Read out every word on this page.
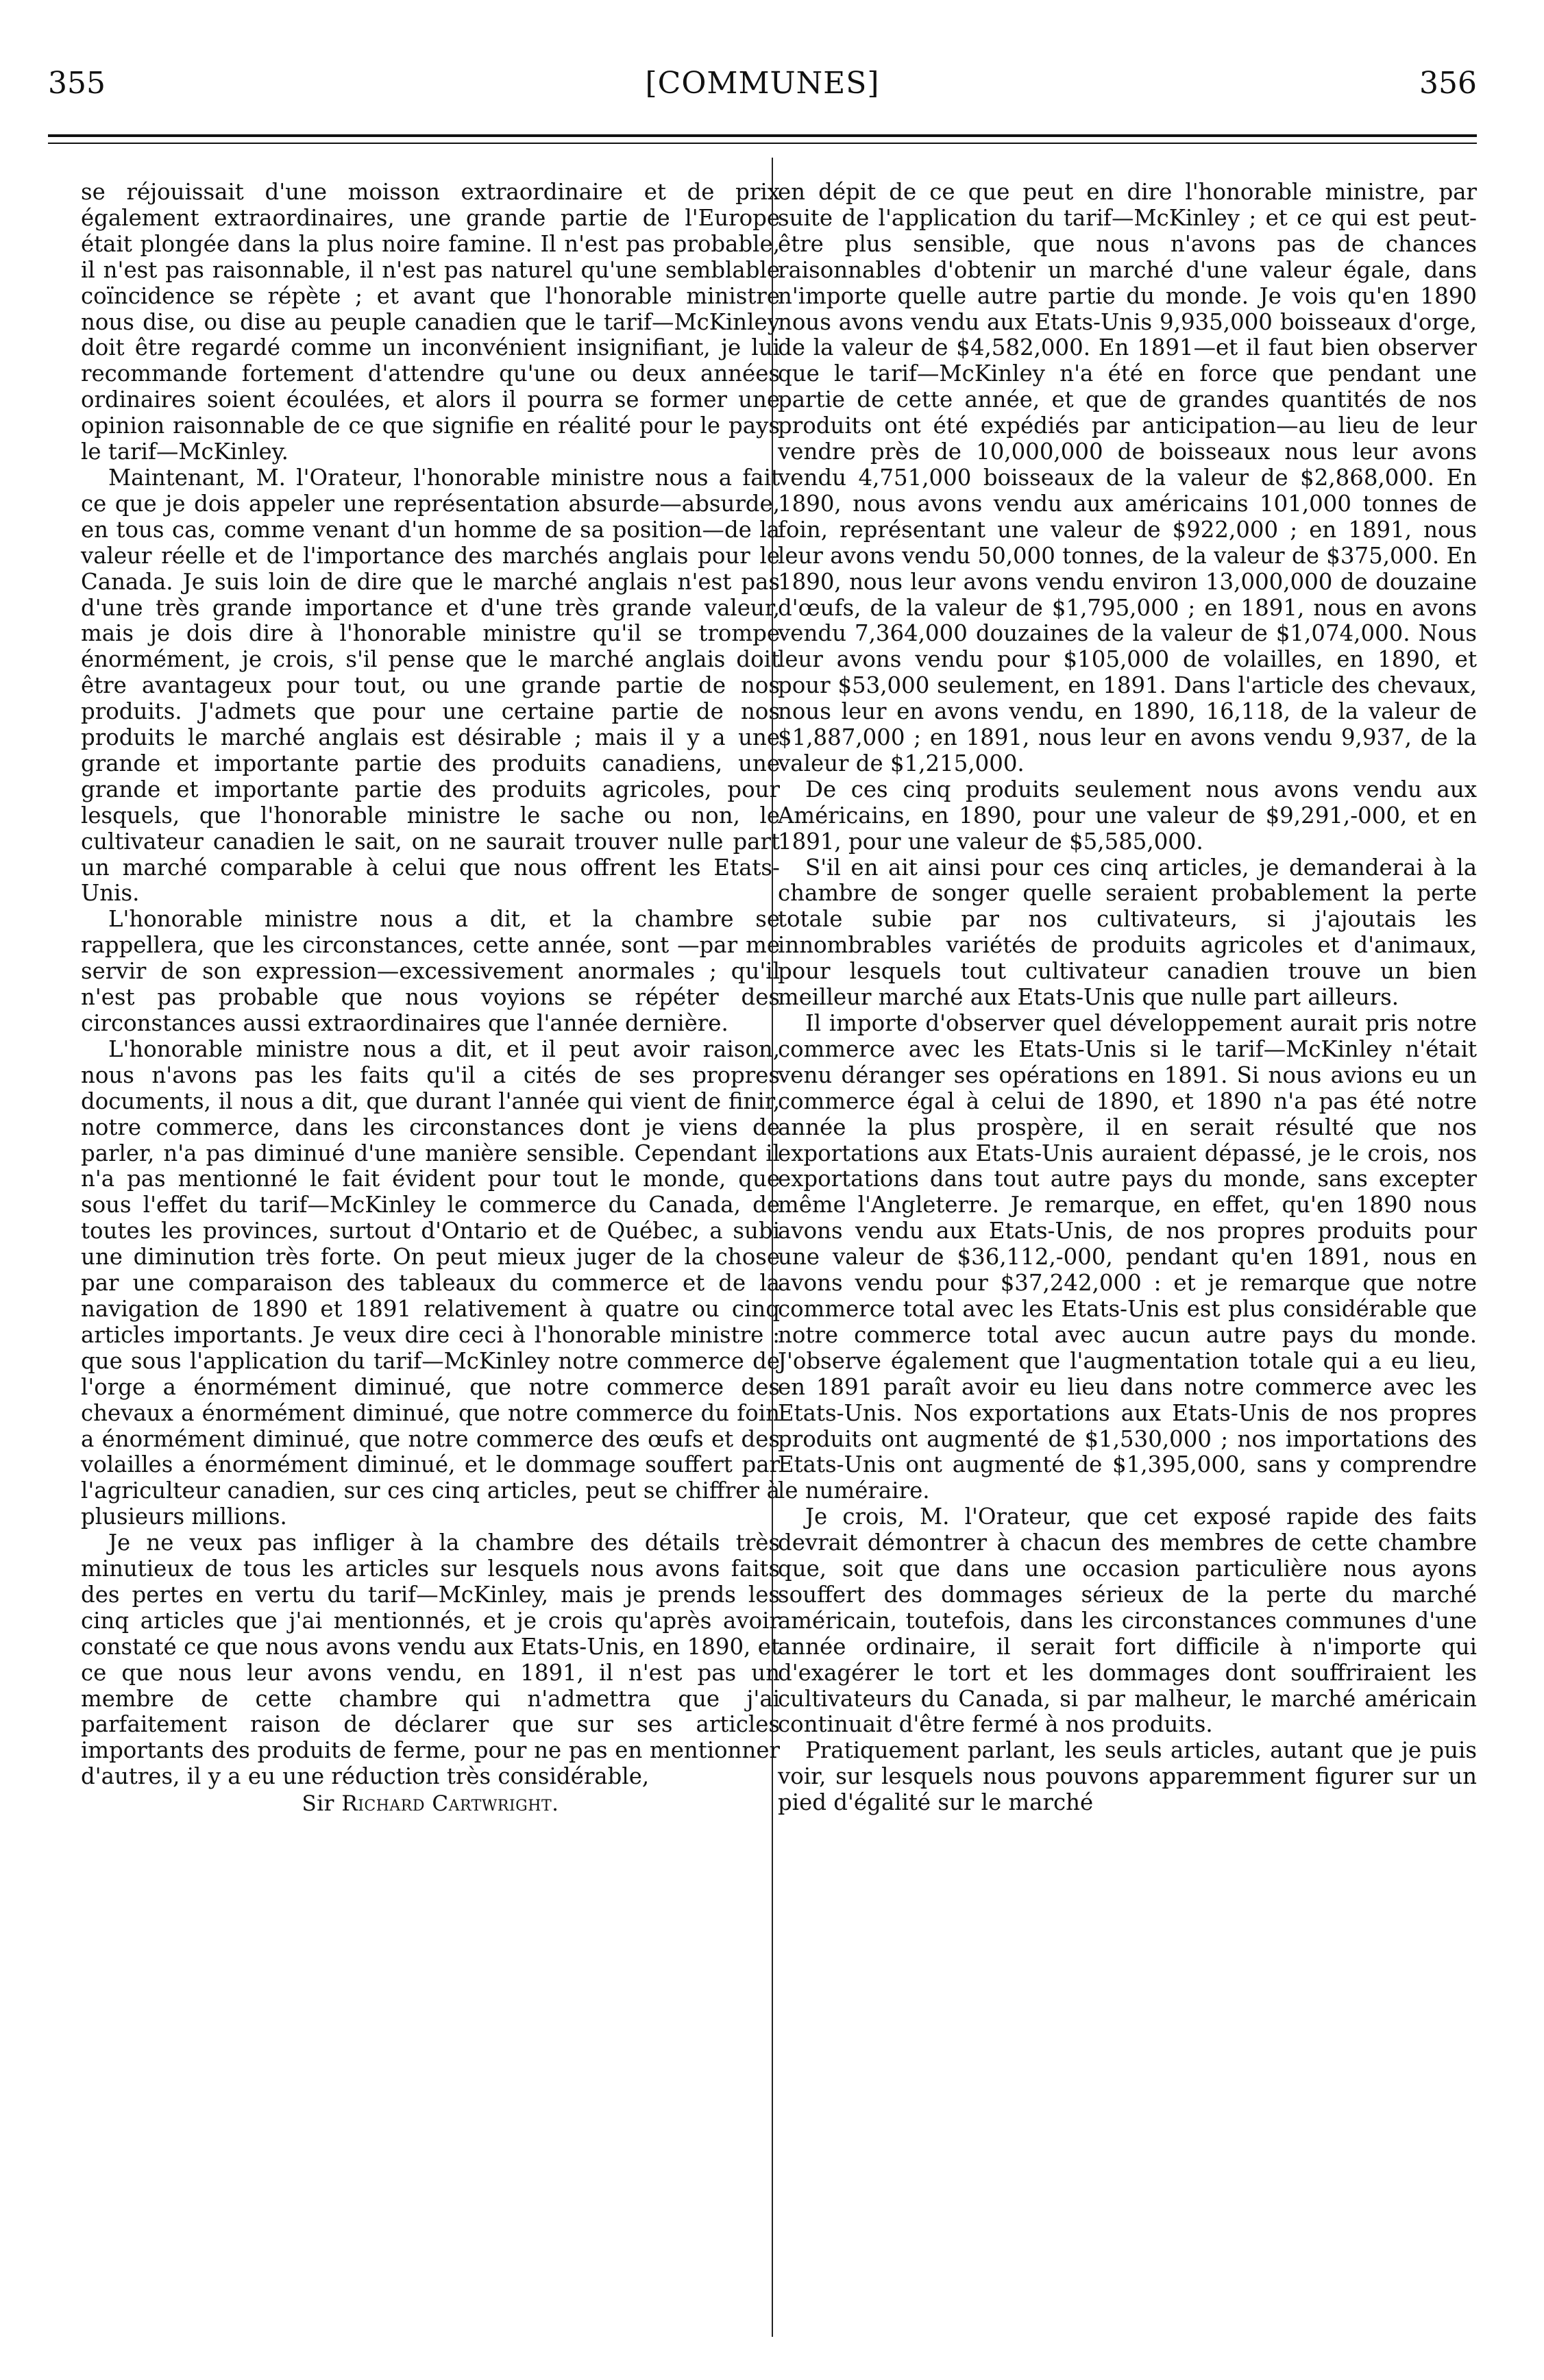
355	[COMMUNES]	356

se réjouissait d'une moisson extraordinaire et de prix également extraordinaires, une grande partie de l'Europe était plongée dans la plus noire famine. Il n'est pas probable, il n'est pas raisonnable, il n'est pas naturel qu'une semblable coïncidence se répète ; et avant que l'honorable ministre nous dise, ou dise au peuple canadien que le tarif—McKinley doit être regardé comme un inconvénient insignifiant, je lui recommande fortement d'attendre qu'une ou deux années ordinaires soient écoulées, et alors il pourra se former une opinion raisonnable de ce que signifie en réalité pour le pays le tarif—McKinley.

Maintenant, M. l'Orateur, l'honorable ministre nous a fait ce que je dois appeler une représentation absurde—absurde, en tous cas, comme venant d'un homme de sa position—de la valeur réelle et de l'importance des marchés anglais pour le Canada. Je suis loin de dire que le marché anglais n'est pas d'une très grande importance et d'une très grande valeur, mais je dois dire à l'honorable ministre qu'il se trompe énormément, je crois, s'il pense que le marché anglais doit être avantageux pour tout, ou une grande partie de nos produits. J'admets que pour une certaine partie de nos produits le marché anglais est désirable ; mais il y a une grande et importante partie des produits canadiens, une grande et importante partie des produits agricoles, pour lesquels, que l'honorable ministre le sache ou non, le cultivateur canadien le sait, on ne saurait trouver nulle part un marché comparable à celui que nous offrent les Etats-Unis.

L'honorable ministre nous a dit, et la chambre se rappellera, que les circonstances, cette année, sont —par me servir de son expression—excessivement anormales ; qu'il n'est pas probable que nous voyions se répéter des circonstances aussi extraordinaires que l'année dernière.

L'honorable ministre nous a dit, et il peut avoir raison, nous n'avons pas les faits qu'il a cités de ses propres documents, il nous a dit, que durant l'année qui vient de finir, notre commerce, dans les circonstances dont je viens de parler, n'a pas diminué d'une manière sensible. Cependant il n'a pas mentionné le fait évident pour tout le monde, que sous l'effet du tarif—McKinley le commerce du Canada, de toutes les provinces, surtout d'Ontario et de Québec, a subi une diminution très forte. On peut mieux juger de la chose par une comparaison des tableaux du commerce et de la navigation de 1890 et 1891 relativement à quatre ou cinq articles importants. Je veux dire ceci à l'honorable ministre : que sous l'application du tarif—McKinley notre commerce de l'orge a énormément diminué, que notre commerce des chevaux a énormément diminué, que notre commerce du foin a énormément diminué, que notre commerce des œufs et des volailles a énormément diminué, et le dommage souffert par l'agriculteur canadien, sur ces cinq articles, peut se chiffrer à plusieurs millions.

Je ne veux pas infliger à la chambre des détails très minutieux de tous les articles sur lesquels nous avons faits des pertes en vertu du tarif—McKinley, mais je prends les cinq articles que j'ai mentionnés, et je crois qu'après avoir constaté ce que nous avons vendu aux Etats-Unis, en 1890, et ce que nous leur avons vendu, en 1891, il n'est pas un membre de cette chambre qui n'admettra que j'ai parfaitement raison de déclarer que sur ses articles importants des produits de ferme, pour ne pas en mentionner d'autres, il y a eu une réduction très considérable,

Sir Richard Cartwright.

en dépit de ce que peut en dire l'honorable ministre, par suite de l'application du tarif—McKinley ; et ce qui est peut-être plus sensible, que nous n'avons pas de chances raisonnables d'obtenir un marché d'une valeur égale, dans n'importe quelle autre partie du monde. Je vois qu'en 1890 nous avons vendu aux Etats-Unis 9,935,000 boisseaux d'orge, de la valeur de $4,582,000. En 1891—et il faut bien observer que le tarif—McKinley n'a été en force que pendant une partie de cette année, et que de grandes quantités de nos produits ont été expédiés par anticipation—au lieu de leur vendre près de 10,000,000 de boisseaux nous leur avons vendu 4,751,000 boisseaux de la valeur de $2,868,000. En 1890, nous avons vendu aux américains 101,000 tonnes de foin, représentant une valeur de $922,000 ; en 1891, nous leur avons vendu 50,000 tonnes, de la valeur de $375,000. En 1890, nous leur avons vendu environ 13,000,000 de douzaine d'œufs, de la valeur de $1,795,000 ; en 1891, nous en avons vendu 7,364,000 douzaines de la valeur de $1,074,000. Nous leur avons vendu pour $105,000 de volailles, en 1890, et pour $53,000 seulement, en 1891. Dans l'article des chevaux, nous leur en avons vendu, en 1890, 16,118, de la valeur de $1,887,000 ; en 1891, nous leur en avons vendu 9,937, de la valeur de $1,215,000.

De ces cinq produits seulement nous avons vendu aux Américains, en 1890, pour une valeur de $9,291,-000, et en 1891, pour une valeur de $5,585,000.

S'il en ait ainsi pour ces cinq articles, je demanderai à la chambre de songer quelle seraient probablement la perte totale subie par nos cultivateurs, si j'ajoutais les innombrables variétés de produits agricoles et d'animaux, pour lesquels tout cultivateur canadien trouve un bien meilleur marché aux Etats-Unis que nulle part ailleurs.

Il importe d'observer quel développement aurait pris notre commerce avec les Etats-Unis si le tarif—McKinley n'était venu déranger ses opérations en 1891. Si nous avions eu un commerce égal à celui de 1890, et 1890 n'a pas été notre année la plus prospère, il en serait résulté que nos exportations aux Etats-Unis auraient dépassé, je le crois, nos exportations dans tout autre pays du monde, sans excepter même l'Angleterre. Je remarque, en effet, qu'en 1890 nous avons vendu aux Etats-Unis, de nos propres produits pour une valeur de $36,112,-000, pendant qu'en 1891, nous en avons vendu pour $37,242,000 : et je remarque que notre commerce total avec les Etats-Unis est plus considérable que notre commerce total avec aucun autre pays du monde. J'observe également que l'augmentation totale qui a eu lieu, en 1891 paraît avoir eu lieu dans notre commerce avec les Etats-Unis. Nos exportations aux Etats-Unis de nos propres produits ont augmenté de $1,530,000 ; nos importations des Etats-Unis ont augmenté de $1,395,000, sans y comprendre le numéraire.

Je crois, M. l'Orateur, que cet exposé rapide des faits devrait démontrer à chacun des membres de cette chambre que, soit que dans une occasion particulière nous ayons souffert des dommages sérieux de la perte du marché américain, toutefois, dans les circonstances communes d'une année ordinaire, il serait fort difficile à n'importe qui d'exagérer le tort et les dommages dont souffriraient les cultivateurs du Canada, si par malheur, le marché américain continuait d'être fermé à nos produits.

Pratiquement parlant, les seuls articles, autant que je puis voir, sur lesquels nous pouvons apparemment figurer sur un pied d'égalité sur le marché
